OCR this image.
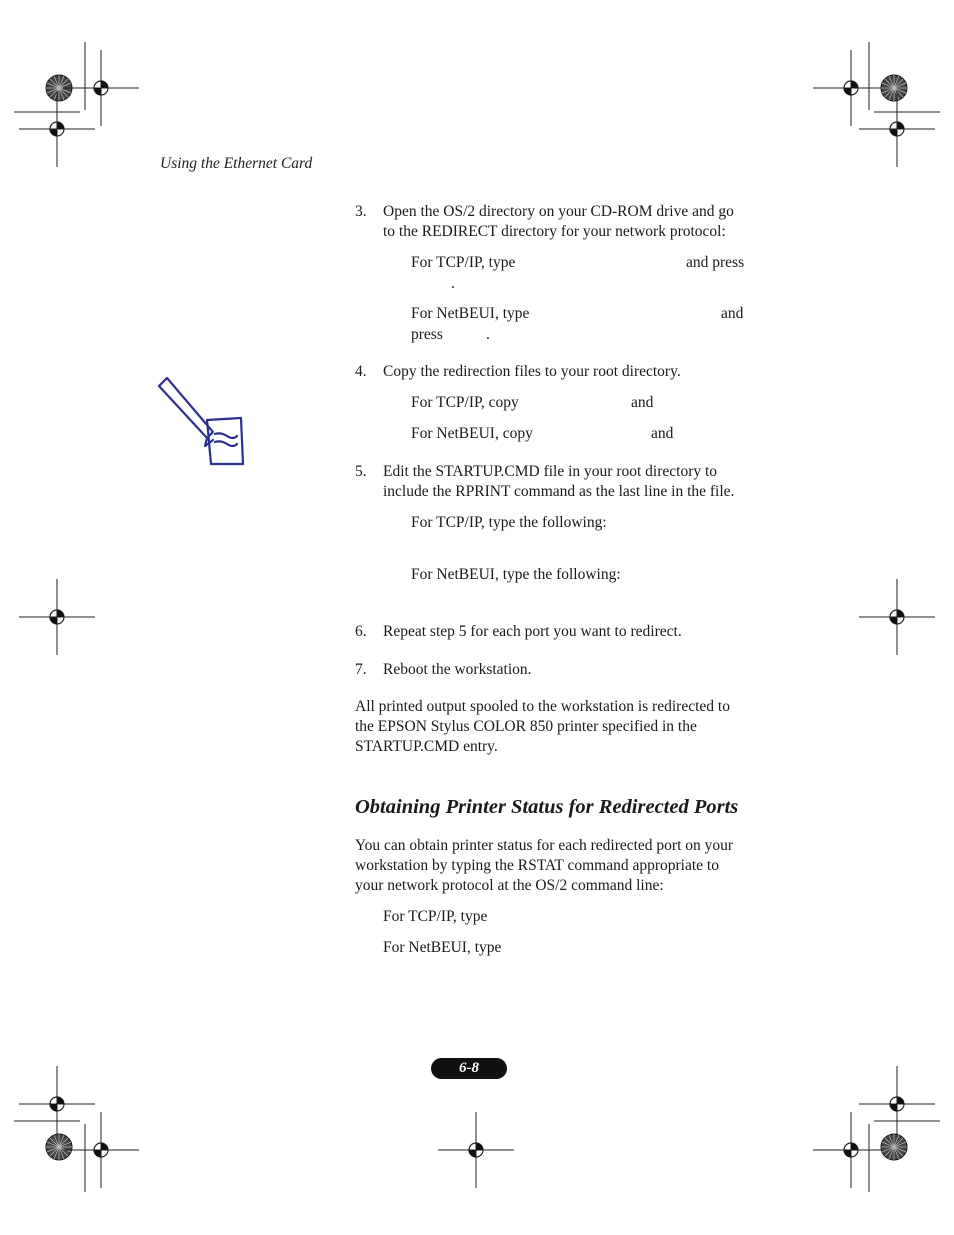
Using the Ethernet Card
3. Open the OS/2 directory on your CD-ROM drive and go
to the REDIRECT directory for your network protocol:
For TCP/IP, type	and press
.
For NetBEUI, type	and
press	.
4. Copy the redirection files to your root directory.
For TCP/IP, copy	and
For NetBEUI, copy	and
5. Edit the STARTUP.CMD file in your root directory to
include the RPRINT command as the last line in the file.
For TCP/IP, type the following:
For NetBEUI, type the following:
6. Repeat step 5 for each port you want to redirect.
7. Reboot the workstation.
All printed output spooled to the workstation is redirected to
the EPSON Stylus COLOR 850 printer specified in the
STARTUP.CMD entry.
Obtaining Printer Status for Redirected Ports
You can obtain printer status for each redirected port on your
workstation by typing the RSTAT command appropriate to
your network protocol at the OS/2 command line:
For TCP/IP, type
For NetBEUI, type
6-8
